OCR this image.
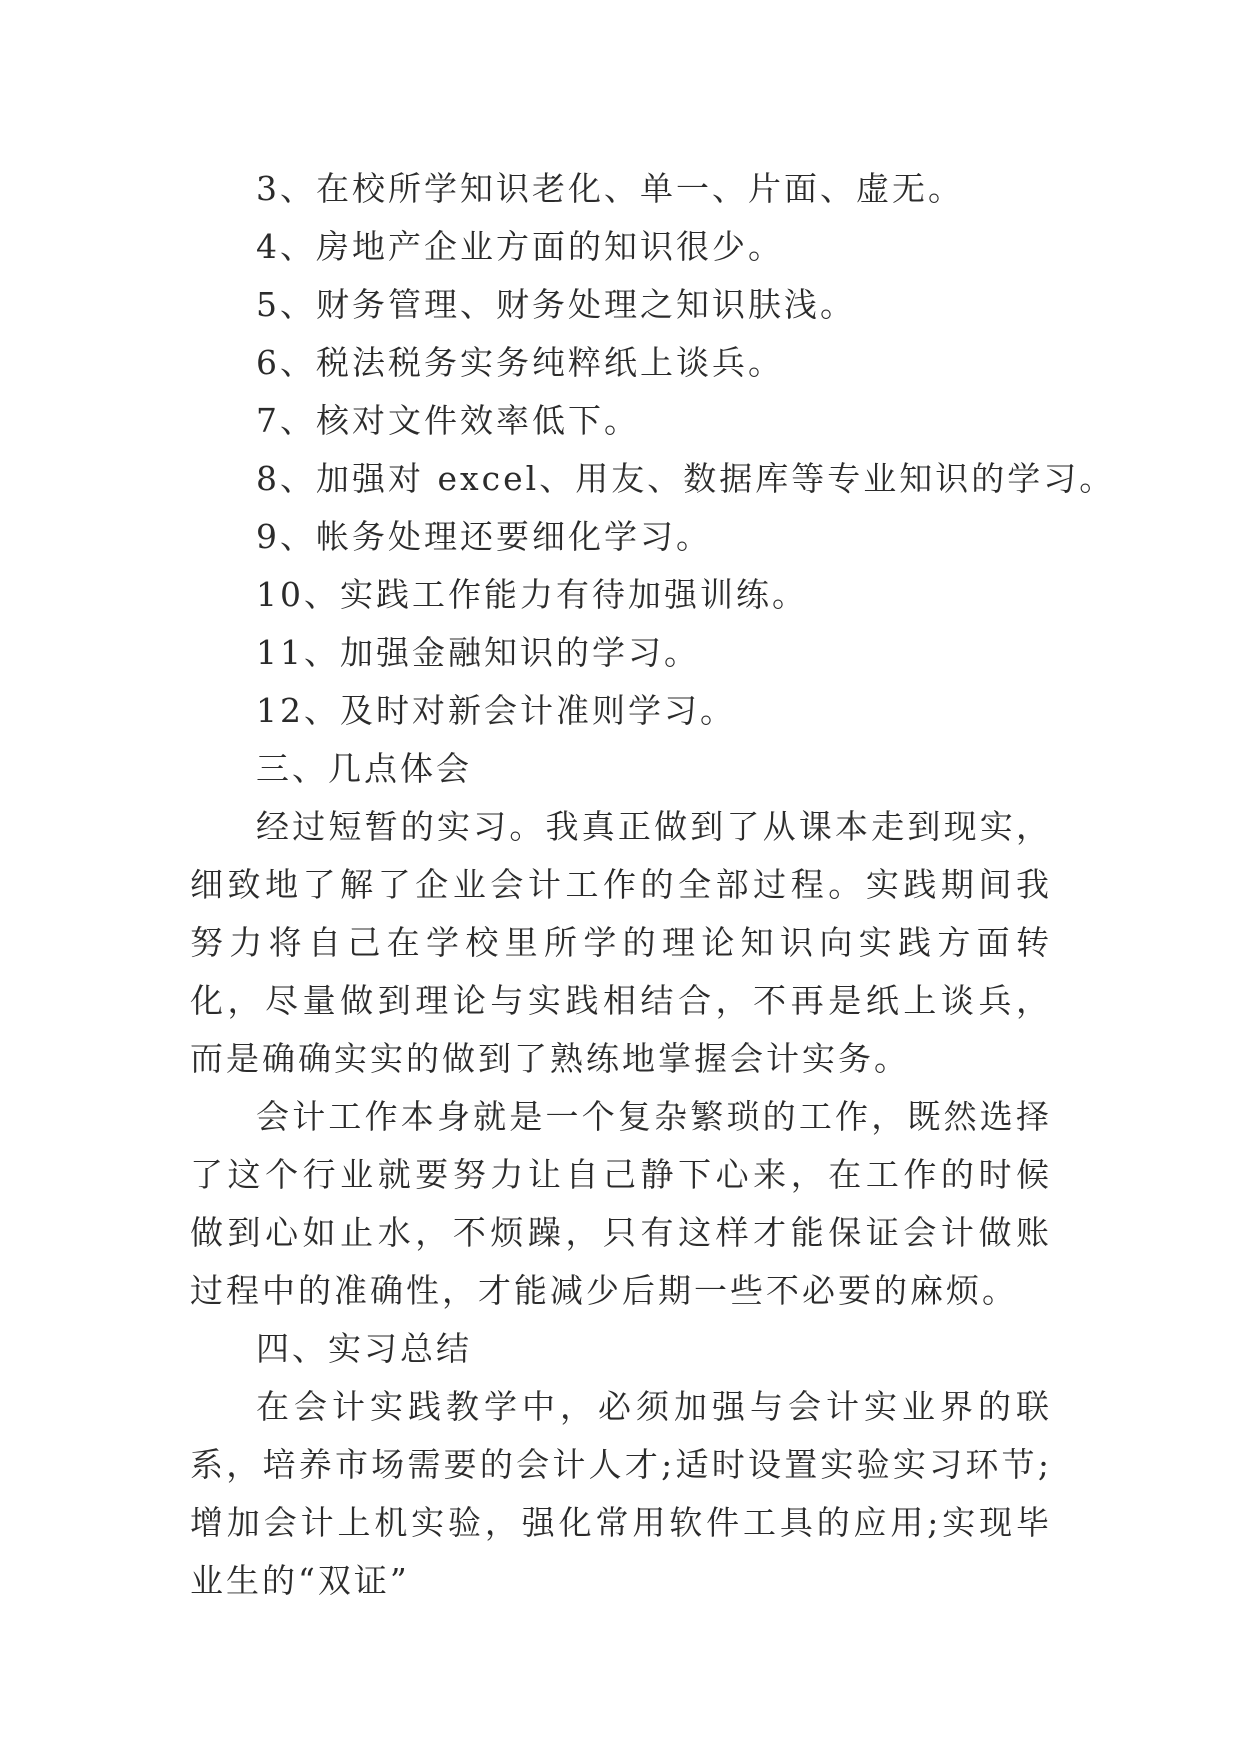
3、在校所学知识老化、单一、片面、虚无。

4、房地产企业方面的知识很少。

5、财务管理、财务处理之知识肤浅。

6、税法税务实务纯粹纸上谈兵。

7、核对文件效率低下。

8、加强对 excel、用友、数据库等专业知识的学习。

9、帐务处理还要细化学习。

10、实践工作能力有待加强训练。

11、加强金融知识的学习。

12、及时对新会计准则学习。

三、几点体会

经过短暂的实习。我真正做到了从课本走到现实，细致地了解了企业会计工作的全部过程。实践期间我努力将自己在学校里所学的理论知识向实践方面转化，尽量做到理论与实践相结合，不再是纸上谈兵，而是确确实实的做到了熟练地掌握会计实务。

会计工作本身就是一个复杂繁琐的工作，既然选择了这个行业就要努力让自己静下心来，在工作的时候做到心如止水，不烦躁，只有这样才能保证会计做账过程中的准确性，才能减少后期一些不必要的麻烦。

四、实习总结

在会计实践教学中，必须加强与会计实业界的联系，培养市场需要的会计人才;适时设置实验实习环节;增加会计上机实验，强化常用软件工具的应用;实现毕业生的“双证”
